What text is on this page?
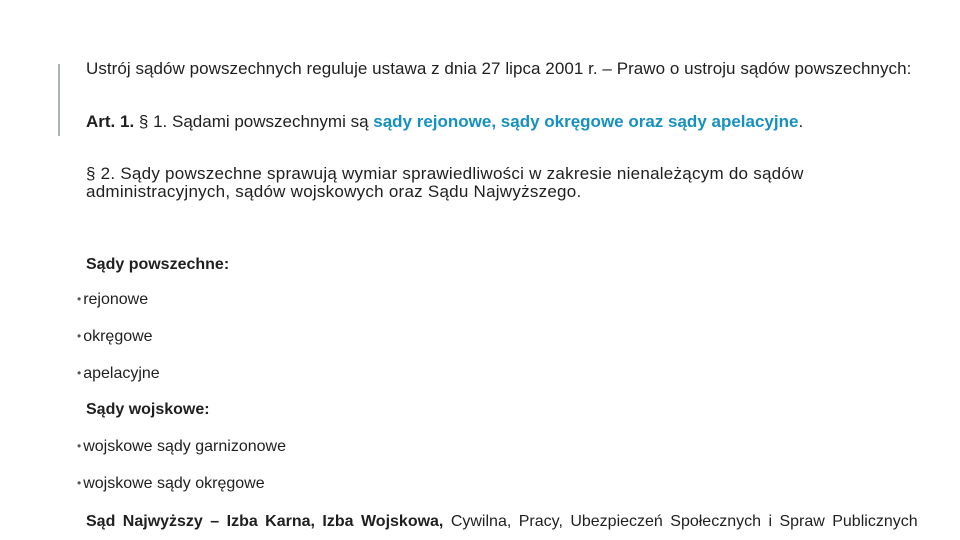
Ustrój sądów powszechnych reguluje ustawa z dnia 27 lipca 2001 r. – Prawo o ustroju sądów powszechnych:

Art. 1. § 1. Sądami powszechnymi są sądy rejonowe, sądy okręgowe oraz sądy apelacyjne.

§ 2. Sądy powszechne sprawują wymiar sprawiedliwości w zakresie nienależącym do sądów administracyjnych, sądów wojskowych oraz Sądu Najwyższego.

Sądy powszechne:

• rejonowe

• okręgowe

• apelacyjne

Sądy wojskowe:

• wojskowe sądy garnizonowe

• wojskowe sądy okręgowe

Sąd Najwyższy – Izba Karna, Izba Wojskowa, Cywilna, Pracy, Ubezpieczeń Społecznych i Spraw Publicznych
